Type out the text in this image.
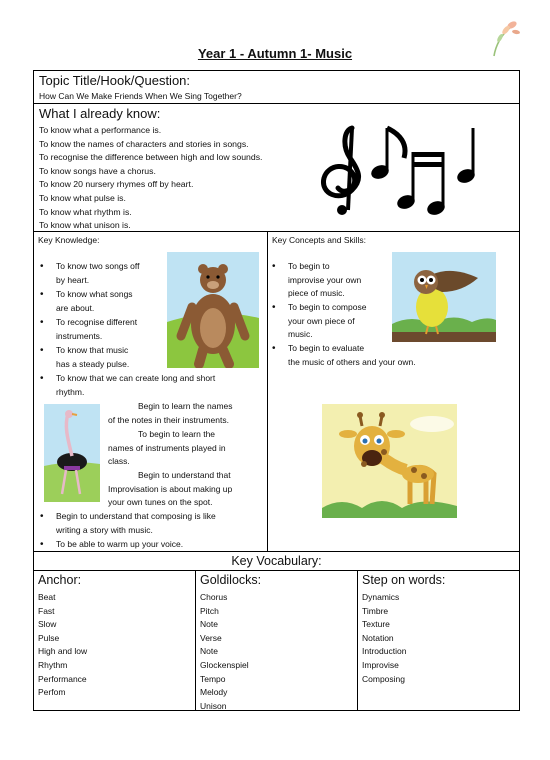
Year 1 - Autumn 1- Music
Topic Title/Hook/Question:
How Can We Make Friends When We Sing Together?
What I already know:
To know what a performance is.
To know the names of characters and stories in songs.
To recognise the difference between high and low sounds.
To know songs have a chorus.
To know 20 nursery rhymes off by heart.
To know what pulse is.
To know what rhythm is.
To know what unison is.
Key Knowledge:
• To know two songs off
by heart.
• To know what songs
are about.
• To recognise different
instruments.
• To know that music
has a steady pulse.
• To know that we can create long and short
rhythm.
• Begin to learn the names
of the notes in their instruments.
• To begin to learn the
names of instruments played in
class.
• Begin to understand that
Improvisation is about making up
your own tunes on the spot.
• Begin to understand that composing is like
writing a story with music.
• To be able to warm up your voice.
Key Concepts and Skills:
• To begin to
improvise your own
piece of music.
• To begin to compose
your own piece of
music.
• To begin to evaluate
the music of others and your own.
Key Vocabulary:
Anchor:
Beat
Fast
Slow
Pulse
High and low
Rhythm
Performance
Perfom
Goldilocks:
Chorus
Pitch
Note
Verse
Note
Glockenspiel
Tempo
Melody
Unison
Step on words:
Dynamics
Timbre
Texture
Notation
Introduction
Improvise
Composing
